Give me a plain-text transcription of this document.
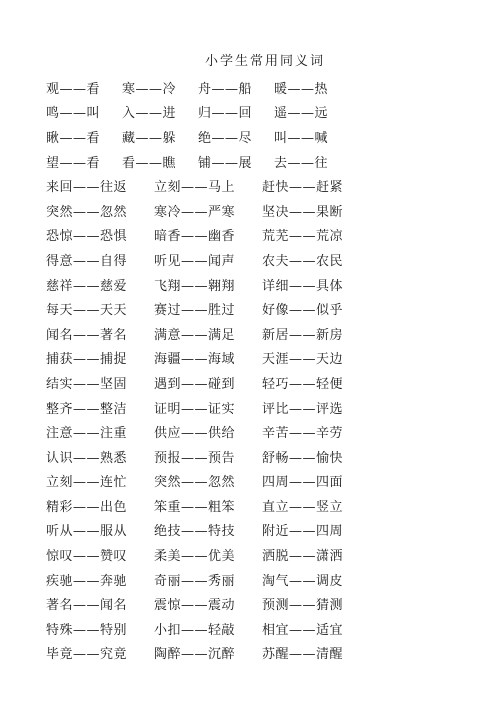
小学生常用同义词
观——看	寒——冷	舟——船	暖——热
鸣——叫	入——进	归——回	遥——远
瞅——看	藏——躲	绝——尽	叫——喊
望——看	看——瞧	铺——展	去——往
来回——往返	立刻——马上	赶快——赶紧
突然——忽然	寒冷——严寒	坚决——果断
恐惊——恐惧	暗香——幽香	荒芜——荒凉
得意——自得	听见——闻声	农夫——农民
慈祥——慈爱	飞翔——翱翔	详细——具体
每天——天天	赛过——胜过	好像——似乎
闻名——著名	满意——满足	新居——新房
捕获——捕捉	海疆——海域	天涯——天边
结实——坚固	遇到——碰到	轻巧——轻便
整齐——整洁	证明——证实	评比——评选
注意——注重	供应——供给	辛苦——辛劳
认识——熟悉	预报——预告	舒畅——愉快
立刻——连忙	突然——忽然	四周——四面
精彩——出色	笨重——粗笨	直立——竖立
听从——服从	绝技——特技	附近——四周
惊叹——赞叹	柔美——优美	洒脱——潇洒
疾驰——奔驰	奇丽——秀丽	淘气——调皮
著名——闻名	震惊——震动	预测——猜测
特殊——特别	小扣——轻敲	相宜——适宜
毕竟——究竟	陶醉——沉醉	苏醒——清醒
